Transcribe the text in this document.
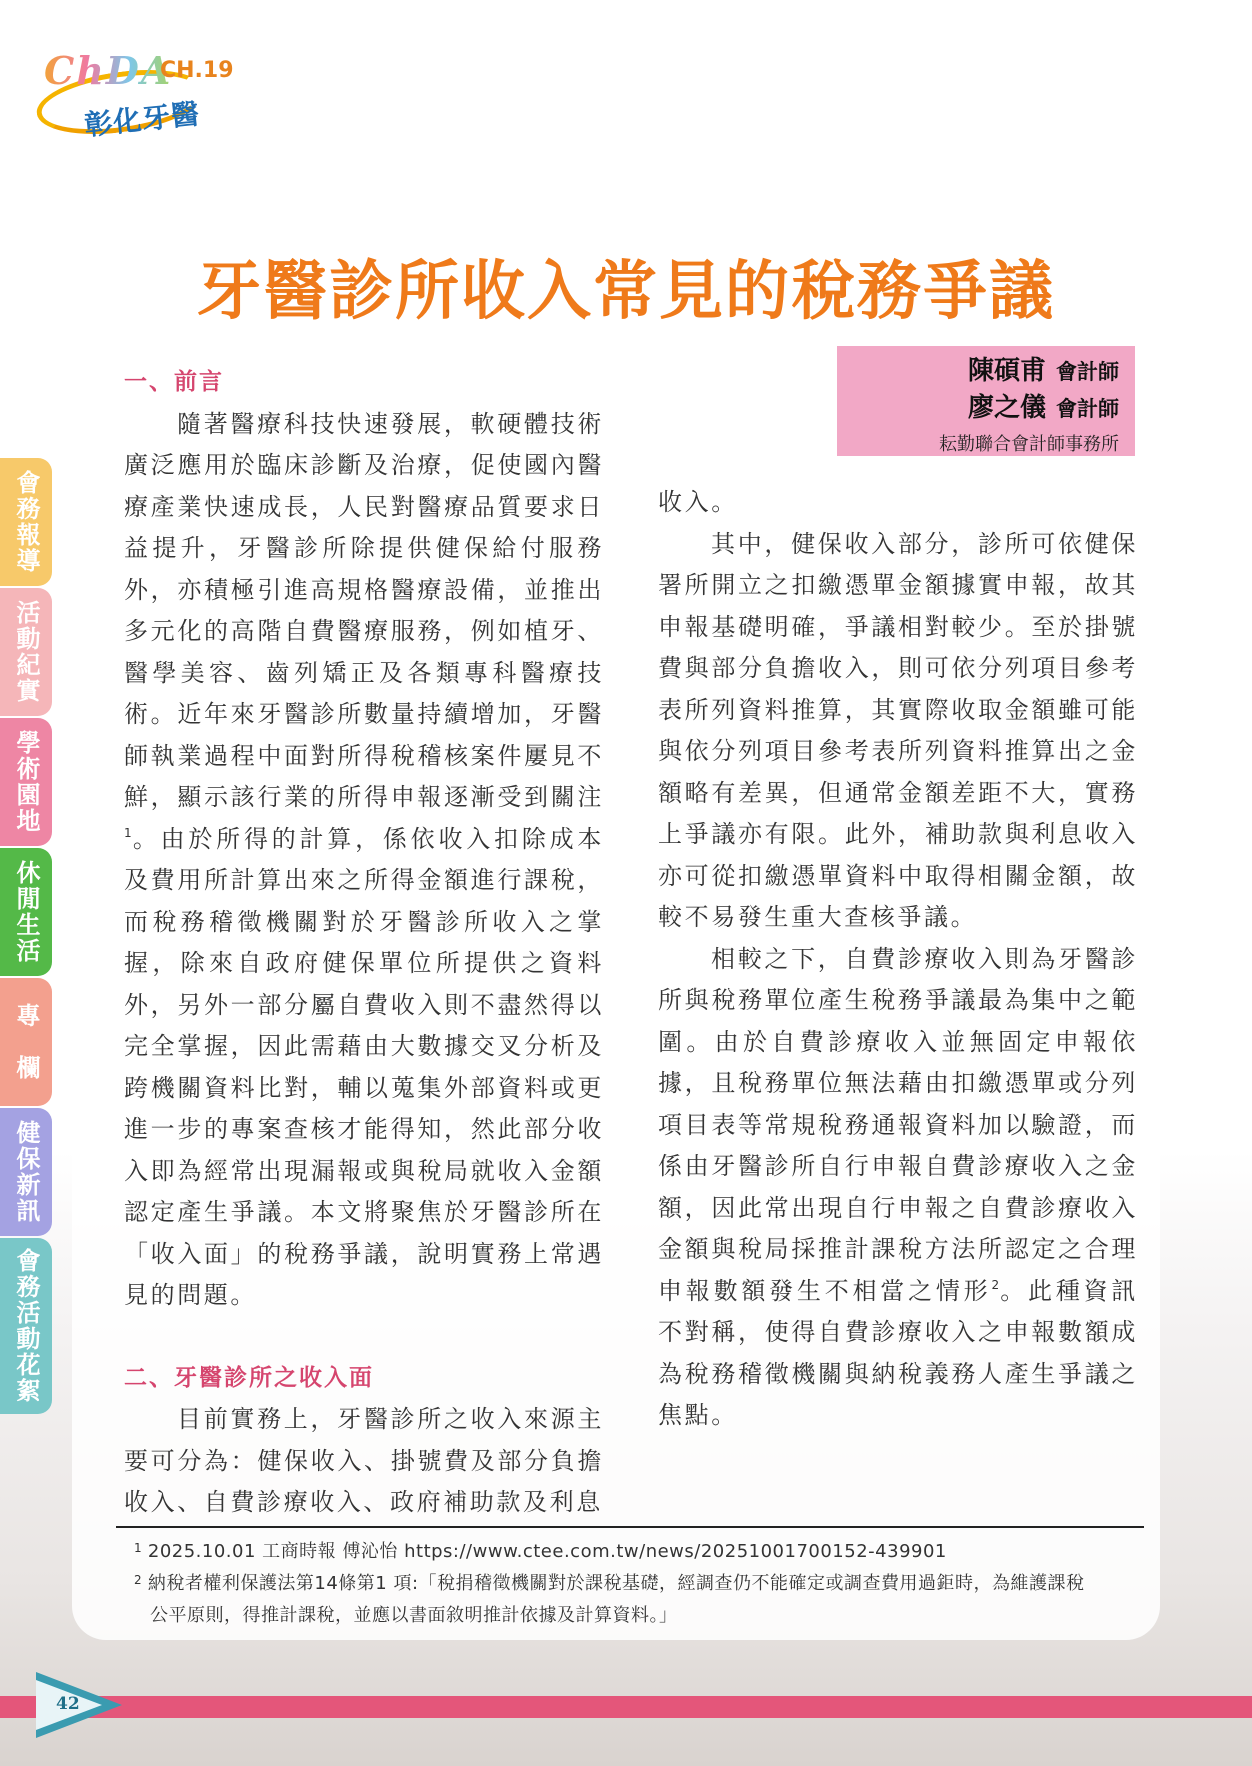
ChDA
CH.19
彰化牙醫
牙醫診所收入常見的稅務爭議
陳碩甫 會計師
廖之儀 會計師
耘勤聯合會計師事務所
會務報導
活動紀實
學術園地
休閒生活
專　欄
健保新訊
會務活動花絮
一、前言

隨著醫療科技快速發展，軟硬體技術廣泛應用於臨床診斷及治療，促使國內醫療產業快速成長，人民對醫療品質要求日益提升，牙醫診所除提供健保給付服務外，亦積極引進高規格醫療設備，並推出多元化的高階自費醫療服務，例如植牙、醫學美容、齒列矯正及各類專科醫療技術。近年來牙醫診所數量持續增加，牙醫師執業過程中面對所得稅稽核案件屢見不鮮，顯示該行業的所得申報逐漸受到關注$^1$。由於所得的計算，係依收入扣除成本及費用所計算出來之所得金額進行課稅，而稅務稽徵機關對於牙醫診所收入之掌握，除來自政府健保單位所提供之資料外，另外一部分屬自費收入則不盡然得以完全掌握，因此需藉由大數據交叉分析及跨機關資料比對，輔以蒐集外部資料或更進一步的專案查核才能得知，然此部分收入即為經常出現漏報或與稅局就收入金額認定產生爭議。本文將聚焦於牙醫診所在「收入面」的稅務爭議，說明實務上常遇見的問題。

二、牙醫診所之收入面

目前實務上，牙醫診所之收入來源主要可分為：健保收入、掛號費及部分負擔收入、自費診療收入、政府補助款及利息

收入。

其中，健保收入部分，診所可依健保署所開立之扣繳憑單金額據實申報，故其申報基礎明確，爭議相對較少。至於掛號費與部分負擔收入，則可依分列項目參考表所列資料推算，其實際收取金額雖可能與依分列項目參考表所列資料推算出之金額略有差異，但通常金額差距不大，實務上爭議亦有限。此外，補助款與利息收入亦可從扣繳憑單資料中取得相關金額，故較不易發生重大查核爭議。

相較之下，自費診療收入則為牙醫診所與稅務單位產生稅務爭議最為集中之範圍。由於自費診療收入並無固定申報依據，且稅務單位無法藉由扣繳憑單或分列項目表等常規稅務通報資料加以驗證，而係由牙醫診所自行申報自費診療收入之金額，因此常出現自行申報之自費診療收入金額與稅局採推計課稅方法所認定之合理申報數額發生不相當之情形$^2$。此種資訊不對稱，使得自費診療收入之申報數額成為稅務稽徵機關與納稅義務人產生爭議之焦點。

$^1$ 2025.10.01 工商時報 傅沁怡 https://www.ctee.com.tw/news/20251001700152-439901
$^2$ 納稅者權利保護法第14條第1 項:「稅捐稽徵機關對於課稅基礎，經調查仍不能確定或調查費用過鉅時，為維護課稅
公平原則，得推計課稅，並應以書面敘明推計依據及計算資料。」
42
